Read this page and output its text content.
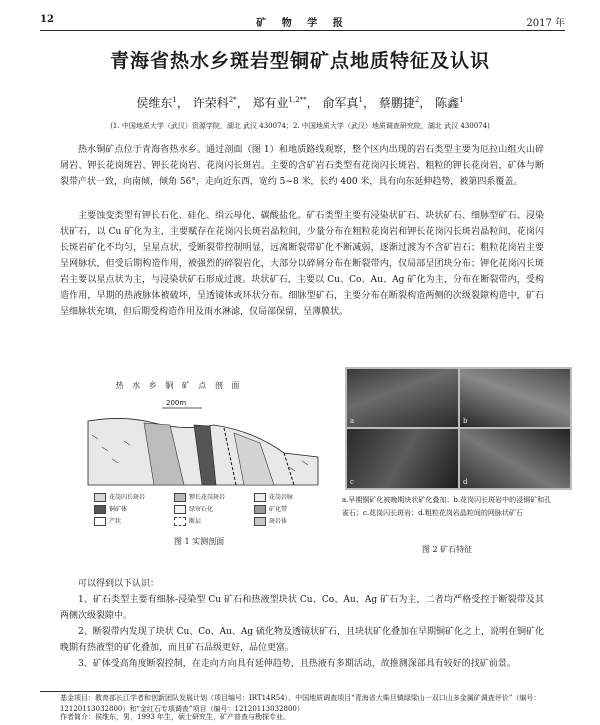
12	矿 物 学 报	2017 年
青海省热水乡斑岩型铜矿点地质特征及认识
侯维东$^1$， 许荣科$^{2*}$， 郑有业$^{1,2**}$， 俞军真$^1$， 蔡鹏捷$^2$， 陈鑫$^1$
(1. 中国地质大学（武汉）资源学院，湖北 武汉 430074；2. 中国地质大学（武汉）地质调查研究院，湖北 武汉 430074)

热水铜矿点位于青海省热水乡。通过剖面（图 1）和地质路线观察，整个区内出现的岩石类型主要为厄拉山组火山碎屑岩、钾长花岗斑岩、钾长花岗岩、花岗闪长斑岩。主要的含矿岩石类型有花岗闪长斑岩、粗粒的钾长花岗岩，矿体与断裂带产状一致，向南倾，倾角 56°，走向近东西，宽约 5~8 米，长约 400 米，具有向东延伸趋势，被第四系覆盖。

主要蚀变类型有钾长石化、硅化、绢云母化、碳酸盐化。矿石类型主要有浸染状矿石、块状矿石、细脉型矿石、浸染状矿石，以 Cu 矿化为主，主要赋存在花岗闪长斑岩晶粒间，少量分布在粗粒花岗岩和钾长花岗闪长斑岩晶粒间，花岗闪长斑岩矿化不均匀，呈星点状，受断裂带控制明显，远离断裂带矿化不断减弱，逐渐过渡为不含矿岩石；粗粒花岗岩主要呈网脉状，但受后期构造作用，被强烈的碎裂岩化，大部分以碎屑分布在断裂带内，仅局部呈团块分布；钾化花岗闪长斑岩主要以星点状为主，与浸染状矿石形成过渡。块状矿石，主要以 Cu、Co、Au、Ag 矿化为主，分布在断裂带内，受构造作用，早期的热液脉体被破坏，呈透镜体或环状分布。细脉型矿石，主要分布在断裂构造两侧的次级裂隙构造中，矿石呈细脉状充填，但后期受构造作用及雨水淋滤，仅局部保留，呈薄膜状。

热 水 乡 铜 矿 点 剖 面
200m
花岗闪长斑岩	钾长花岗斑岩	花岗岩脉
铜矿体	绿帘石化	矿化带
产状	断层	斑岩体
图 1 实测剖面
a	b
c	d
a.早期铜矿化被晚期块状矿化叠加；b.花岗闪长斑岩中的浸铜矿和孔雀石；c.花岗闪长斑岩；d.粗粒花岗岩晶粒间的网脉状矿石
图 2 矿石特征

可以得到以下认识：

1、矿石类型主要有细脉-浸染型 Cu 矿石和热液型块状 Cu、Co、Au、Ag 矿石为主，二者均严格受控于断裂带及其两侧次级裂隙中。

2、断裂带内发现了块状 Cu、Co、Au、Ag 硫化物及透镜状矿石，且块状矿化叠加在早期铜矿化之上，说明在铜矿化晚期有热液型的矿化叠加，而且矿石品级更好，品位更富。

3、矿体受高角度断裂控制，在走向方向具有延伸趋势，且热液有多期活动，故推测深部具有较好的找矿前景。

基金项目：教育部长江学者和创新团队发展计划（项目编号：IRT14R54），中国地质调查项目“青海省大柴旦镇绿梁山一双口山多金属矿调查评价”（编号：12120113032800）和“金红石专项调查”项目（编号：12120113032800）
作者简介：侯维东，男，1993 年生，硕士研究生，矿产普查与勘探专业。
